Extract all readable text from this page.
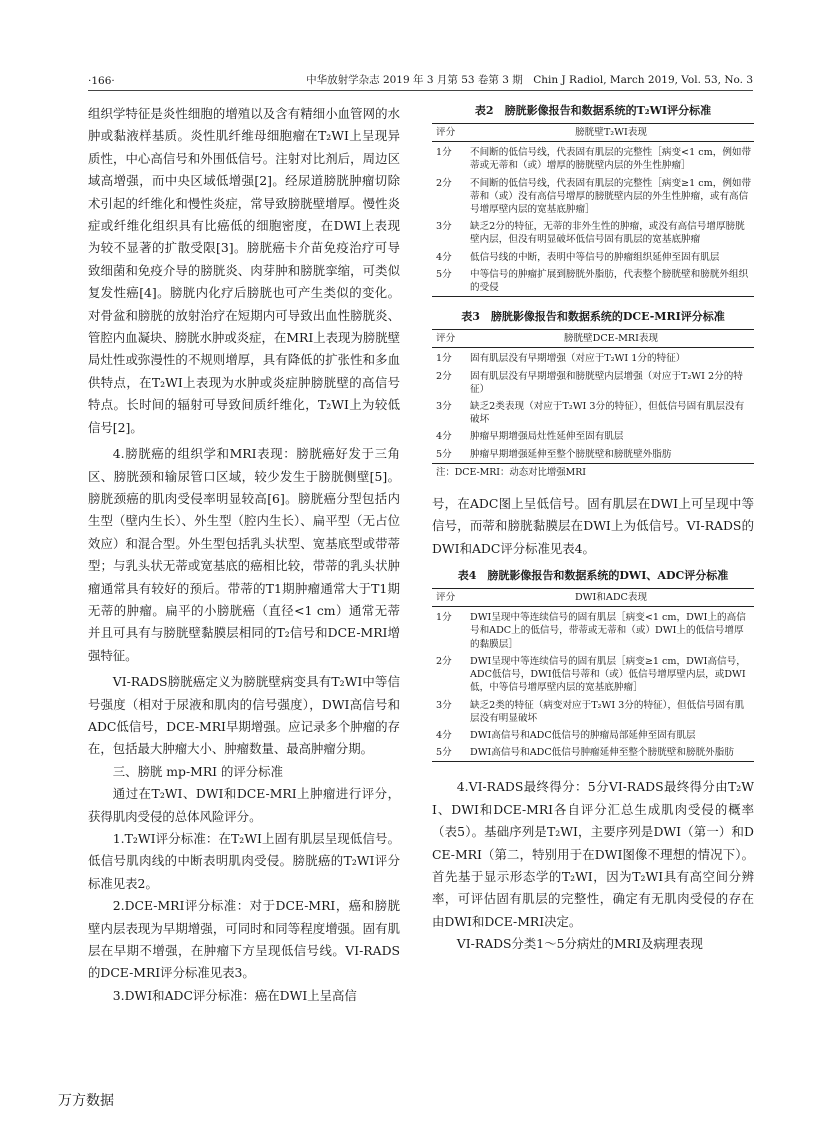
·166·	中华放射学杂志 2019 年 3 月第 53 卷第 3 期　Chin J Radiol, March 2019, Vol. 53, No. 3

组织学特征是炎性细胞的增殖以及含有精细小血管网的水肿或黏液样基质。炎性肌纤维母细胞瘤在T₂WI上呈现异质性，中心高信号和外围低信号。注射对比剂后，周边区域高增强，而中央区域低增强[2]。经尿道膀胱肿瘤切除术引起的纤维化和慢性炎症，常导致膀胱壁增厚。慢性炎症或纤维化组织具有比癌低的细胞密度，在DWI上表现为较不显著的扩散受限[3]。膀胱癌卡介苗免疫治疗可导致细菌和免疫介导的膀胱炎、肉芽肿和膀胱挛缩，可类似复发性癌[4]。膀胱内化疗后膀胱也可产生类似的变化。对骨盆和膀胱的放射治疗在短期内可导致出血性膀胱炎、管腔内血凝块、膀胱水肿或炎症，在MRI上表现为膀胱壁局灶性或弥漫性的不规则增厚，具有降低的扩张性和多血供特点，在T₂WI上表现为水肿或炎症肿膀胱壁的高信号特点。长时间的辐射可导致间质纤维化，T₂WI上为较低信号[2]。

4.膀胱癌的组织学和MRI表现：膀胱癌好发于三角区、膀胱颈和输尿管口区域，较少发生于膀胱侧壁[5]。膀胱颈癌的肌肉受侵率明显较高[6]。膀胱癌分型包括内生型（壁内生长）、外生型（腔内生长）、扁平型（无占位效应）和混合型。外生型包括乳头状型、宽基底型或带蒂型；与乳头状无蒂或宽基底的癌相比较，带蒂的乳头状肿瘤通常具有较好的预后。带蒂的T1期肿瘤通常大于T1期无蒂的肿瘤。扁平的小膀胱癌（直径<1 cm）通常无蒂并且可具有与膀胱壁黏膜层相同的T₂信号和DCE-MRI增强特征。

VI-RADS膀胱癌定义为膀胱壁病变具有T₂WI中等信号强度（相对于尿液和肌肉的信号强度），DWI高信号和ADC低信号，DCE-MRI早期增强。应记录多个肿瘤的存在，包括最大肿瘤大小、肿瘤数量、最高肿瘤分期。

三、膀胱 mp-MRI 的评分标准

通过在T₂WI、DWI和DCE-MRI上肿瘤进行评分，获得肌肉受侵的总体风险评分。

1.T₂WI评分标准：在T₂WI上固有肌层呈现低信号。低信号肌肉线的中断表明肌肉受侵。膀胱癌的T₂WI评分标准见表2。

2.DCE-MRI评分标准：对于DCE-MRI，癌和膀胱壁内层表现为早期增强，可同时和同等程度增强。固有肌层在早期不增强，在肿瘤下方呈现低信号线。VI-RADS的DCE-MRI评分标准见表3。

3.DWI和ADC评分标准：癌在DWI上呈高信

表2　膀胱影像报告和数据系统的T₂WI评分标准
评分	膀胱壁T₂WI表现
1分	不间断的低信号线，代表固有肌层的完整性［病变<1 cm，例如带蒂或无蒂和（或）增厚的膀胱壁内层的外生性肿瘤］
2分	不间断的低信号线，代表固有肌层的完整性［病变≥1 cm，例如带蒂和（或）没有高信号增厚的膀胱壁内层的外生性肿瘤，或有高信号增厚壁内层的宽基底肿瘤］
3分	缺乏2分的特征，无蒂的非外生性的肿瘤，或没有高信号增厚膀胱壁内层，但没有明显破坏低信号固有肌层的宽基底肿瘤
4分	低信号线的中断，表明中等信号的肿瘤组织延伸至固有肌层
5分	中等信号的肿瘤扩展到膀胱外脂肪，代表整个膀胱壁和膀胱外组织的受侵
表3　膀胱影像报告和数据系统的DCE-MRI评分标准
评分	膀胱壁DCE-MRI表现
1分	固有肌层没有早期增强（对应于T₂WI 1分的特征）
2分	固有肌层没有早期增强和膀胱壁内层增强（对应于T₂WI 2分的特征）
3分	缺乏2类表现（对应于T₂WI 3分的特征），但低信号固有肌层没有破坏
4分	肿瘤早期增强局灶性延伸至固有肌层
5分	肿瘤早期增强延伸至整个膀胱壁和膀胱壁外脂肪
注：DCE-MRI：动态对比增强MRI

号，在ADC图上呈低信号。固有肌层在DWI上可呈现中等信号，而蒂和膀胱黏膜层在DWI上为低信号。VI-RADS的DWI和ADC评分标准见表4。

表4　膀胱影像报告和数据系统的DWI、ADC评分标准
评分	DWI和ADC表现
1分	DWI呈现中等连续信号的固有肌层［病变<1 cm，DWI上的高信号和ADC上的低信号，带蒂或无蒂和（或）DWI上的低信号增厚的黏膜层］
2分	DWI呈现中等连续信号的固有肌层［病变≥1 cm，DWI高信号，ADC低信号，DWI低信号蒂和（或）低信号增厚壁内层，或DWI低，中等信号增厚壁内层的宽基底肿瘤］
3分	缺乏2类的特征（病变对应于T₂WI 3分的特征），但低信号固有肌层没有明显破坏
4分	DWI高信号和ADC低信号的肿瘤局部延伸至固有肌层
5分	DWI高信号和ADC低信号肿瘤延伸至整个膀胱壁和膀胱外脂肪

4.VI-RADS最终得分：5分VI-RADS最终得分由T₂WI、DWI和DCE-MRI各自评分汇总生成肌肉受侵的概率（表5）。基础序列是T₂WI，主要序列是DWI（第一）和DCE-MRI（第二，特别用于在DWI图像不理想的情况下）。首先基于显示形态学的T₂WI，因为T₂WI具有高空间分辨率，可评估固有肌层的完整性，确定有无肌肉受侵的存在由DWI和DCE-MRI决定。

VI-RADS分类1～5分病灶的MRI及病理表现

万方数据
